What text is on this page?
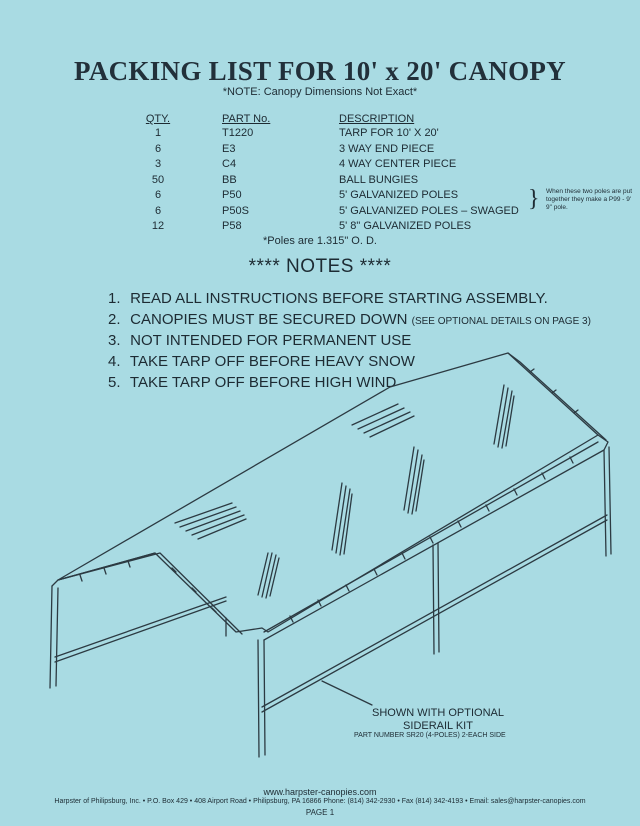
PACKING LIST FOR 10' x 20' CANOPY
*NOTE: Canopy Dimensions Not Exact*
QTY.	PART No.	DESCRIPTION
1	T1220	TARP FOR 10' X 20'
6	E3	3 WAY END PIECE
3	C4	4 WAY CENTER PIECE
50	BB	BALL BUNGIES
6	P50	5' GALVANIZED POLES
6	P50S	5' GALVANIZED POLES – SWAGED
12	P58	5' 8" GALVANIZED POLES
} When these two poles are put together they make a P99 - 9' 9" pole.
*Poles are 1.315" O. D.
**** NOTES ****
1. READ ALL INSTRUCTIONS BEFORE STARTING ASSEMBLY.
2. CANOPIES MUST BE SECURED DOWN (SEE OPTIONAL DETAILS ON PAGE 3)
3. NOT INTENDED FOR PERMANENT USE
4. TAKE TARP OFF BEFORE HEAVY SNOW
5. TAKE TARP OFF BEFORE HIGH WIND
SHOWN WITH OPTIONAL
SIDERAIL KIT
PART NUMBER SR20 (4-POLES) 2-EACH SIDE
www.harpster-canopies.com
Harpster of Philipsburg, Inc. • P.O. Box 429 • 408 Airport Road • Philipsburg, PA 16866 Phone: (814) 342-2930 • Fax (814) 342-4193 • Email: sales@harpster-canopies.com
PAGE 1
